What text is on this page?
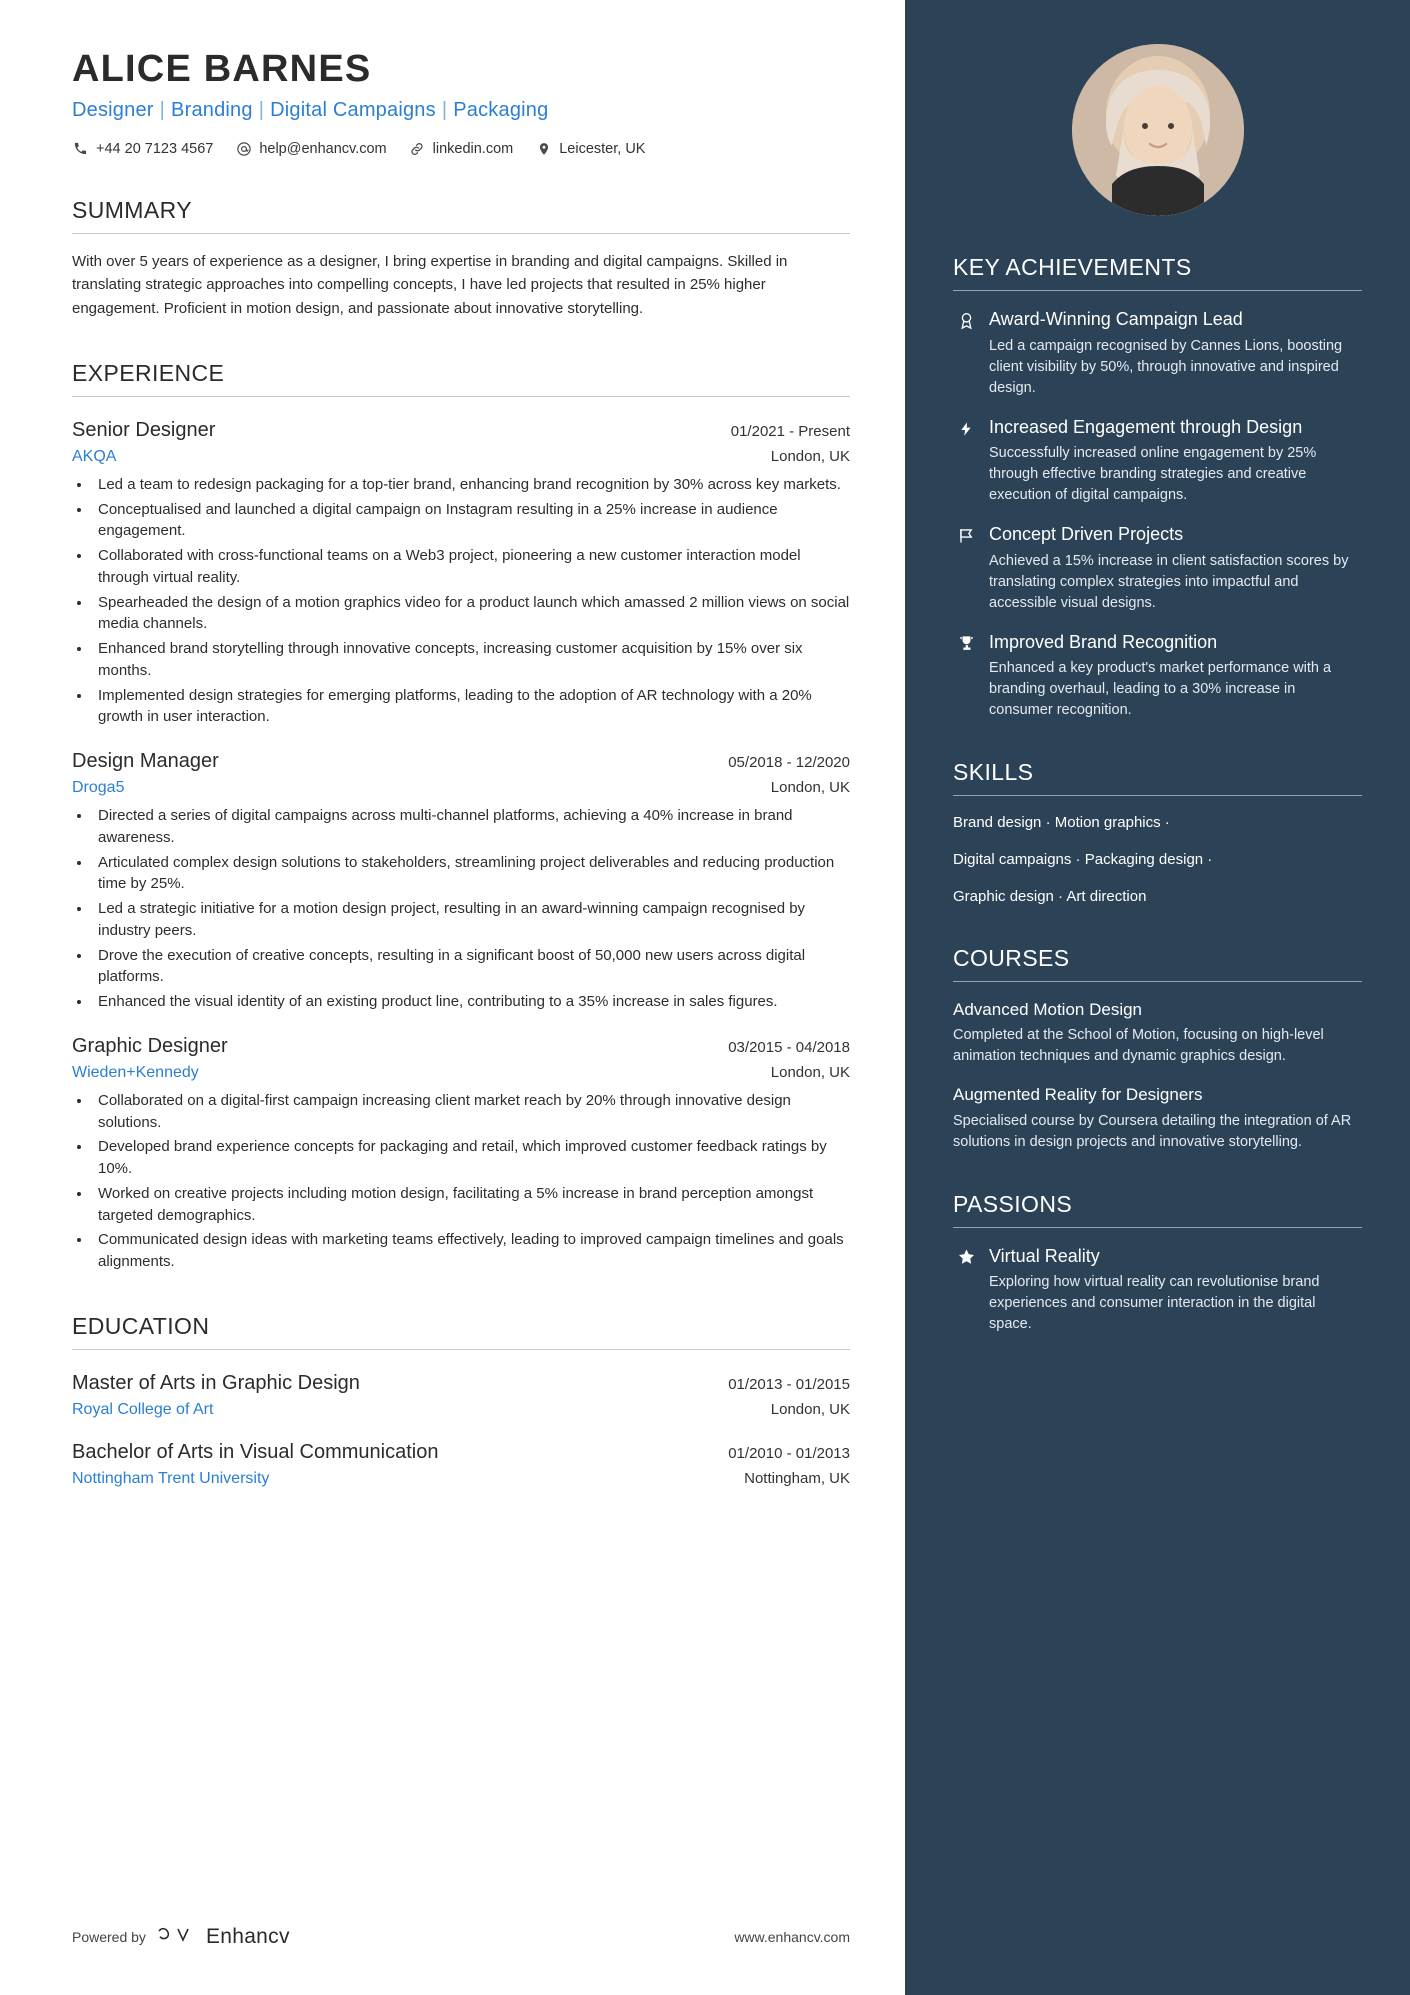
ALICE BARNES
Designer | Branding | Digital Campaigns | Packaging
+44 20 7123 4567	help@enhancv.com	linkedin.com	Leicester, UK
SUMMARY

With over 5 years of experience as a designer, I bring expertise in branding and digital campaigns. Skilled in translating strategic approaches into compelling concepts, I have led projects that resulted in 25% higher engagement. Proficient in motion design, and passionate about innovative storytelling.

EXPERIENCE
Senior Designer	01/2021 - Present
AKQA	London, UK
• Led a team to redesign packaging for a top-tier brand, enhancing brand recognition by 30% across key markets.
• Conceptualised and launched a digital campaign on Instagram resulting in a 25% increase in audience engagement.
• Collaborated with cross-functional teams on a Web3 project, pioneering a new customer interaction model through virtual reality.
• Spearheaded the design of a motion graphics video for a product launch which amassed 2 million views on social media channels.
• Enhanced brand storytelling through innovative concepts, increasing customer acquisition by 15% over six months.
• Implemented design strategies for emerging platforms, leading to the adoption of AR technology with a 20% growth in user interaction.
Design Manager	05/2018 - 12/2020
Droga5	London, UK
• Directed a series of digital campaigns across multi-channel platforms, achieving a 40% increase in brand awareness.
• Articulated complex design solutions to stakeholders, streamlining project deliverables and reducing production time by 25%.
• Led a strategic initiative for a motion design project, resulting in an award-winning campaign recognised by industry peers.
• Drove the execution of creative concepts, resulting in a significant boost of 50,000 new users across digital platforms.
• Enhanced the visual identity of an existing product line, contributing to a 35% increase in sales figures.
Graphic Designer	03/2015 - 04/2018
Wieden+Kennedy	London, UK
• Collaborated on a digital-first campaign increasing client market reach by 20% through innovative design solutions.
• Developed brand experience concepts for packaging and retail, which improved customer feedback ratings by 10%.
• Worked on creative projects including motion design, facilitating a 5% increase in brand perception amongst targeted demographics.
• Communicated design ideas with marketing teams effectively, leading to improved campaign timelines and goals alignments.
EDUCATION
Master of Arts in Graphic Design	01/2013 - 01/2015
Royal College of Art	London, UK
Bachelor of Arts in Visual Communication	01/2010 - 01/2013
Nottingham Trent University	Nottingham, UK
Powered by	Enhancv	www.enhancv.com
KEY ACHIEVEMENTS
Award-Winning Campaign Lead
Led a campaign recognised by Cannes Lions, boosting client visibility by 50%, through innovative and inspired design.
Increased Engagement through Design
Successfully increased online engagement by 25% through effective branding strategies and creative execution of digital campaigns.
Concept Driven Projects
Achieved a 15% increase in client satisfaction scores by translating complex strategies into impactful and accessible visual designs.
Improved Brand Recognition
Enhanced a key product's market performance with a branding overhaul, leading to a 30% increase in consumer recognition.
SKILLS
Brand design · Motion graphics ·
Digital campaigns · Packaging design ·
Graphic design · Art direction
COURSES
Advanced Motion Design
Completed at the School of Motion, focusing on high-level animation techniques and dynamic graphics design.
Augmented Reality for Designers
Specialised course by Coursera detailing the integration of AR solutions in design projects and innovative storytelling.
PASSIONS
Virtual Reality
Exploring how virtual reality can revolutionise brand experiences and consumer interaction in the digital space.
